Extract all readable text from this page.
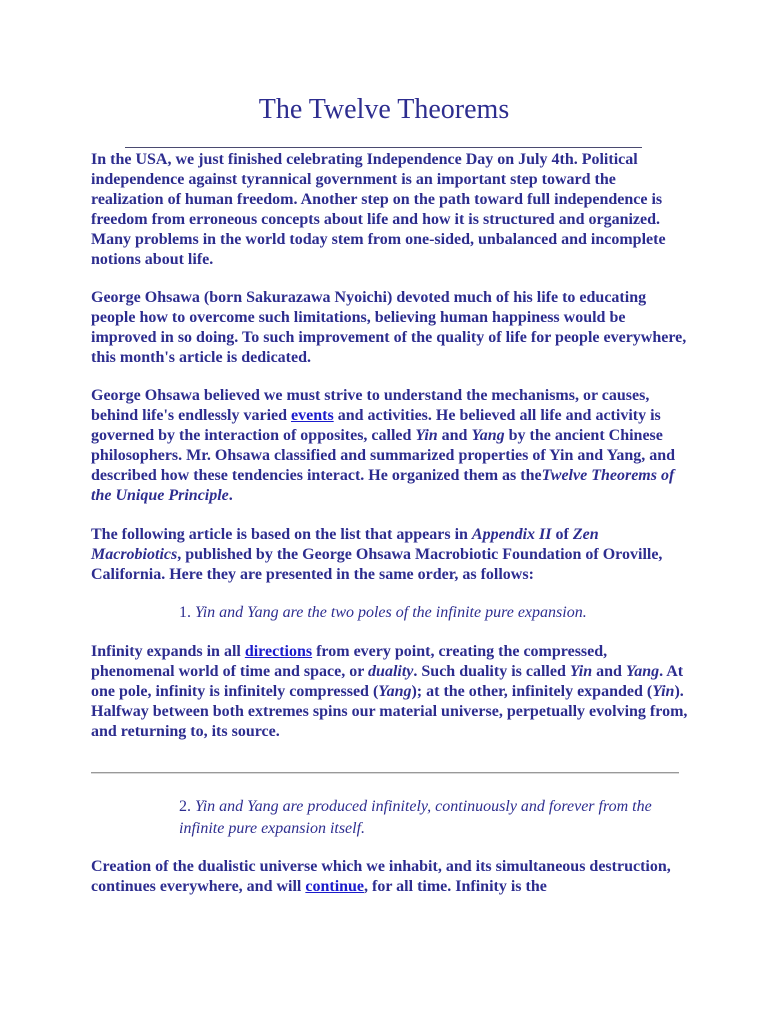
The Twelve Theorems

In the USA, we just finished celebrating Independence Day on July 4th. Political independence against tyrannical government is an important step toward the realization of human freedom. Another step on the path toward full independence is freedom from erroneous concepts about life and how it is structured and organized. Many problems in the world today stem from one-sided, unbalanced and incomplete notions about life.

George Ohsawa (born Sakurazawa Nyoichi) devoted much of his life to educating people how to overcome such limitations, believing human happiness would be improved in so doing. To such improvement of the quality of life for people everywhere, this month's article is dedicated.

George Ohsawa believed we must strive to understand the mechanisms, or causes, behind life's endlessly varied events and activities. He believed all life and activity is governed by the interaction of opposites, called Yin and Yang by the ancient Chinese philosophers. Mr. Ohsawa classified and summarized properties of Yin and Yang, and described how these tendencies interact. He organized them as theTwelve Theorems of the Unique Principle.

The following article is based on the list that appears in Appendix II of Zen Macrobiotics, published by the George Ohsawa Macrobiotic Foundation of Oroville, California. Here they are presented in the same order, as follows:

1. Yin and Yang are the two poles of the infinite pure expansion.

Infinity expands in all directions from every point, creating the compressed, phenomenal world of time and space, or duality. Such duality is called Yin and Yang. At one pole, infinity is infinitely compressed (Yang); at the other, infinitely expanded (Yin). Halfway between both extremes spins our material universe, perpetually evolving from, and returning to, its source.

2. Yin and Yang are produced infinitely, continuously and forever from the infinite pure expansion itself.

Creation of the dualistic universe which we inhabit, and its simultaneous destruction, continues everywhere, and will continue, for all time. Infinity is the
